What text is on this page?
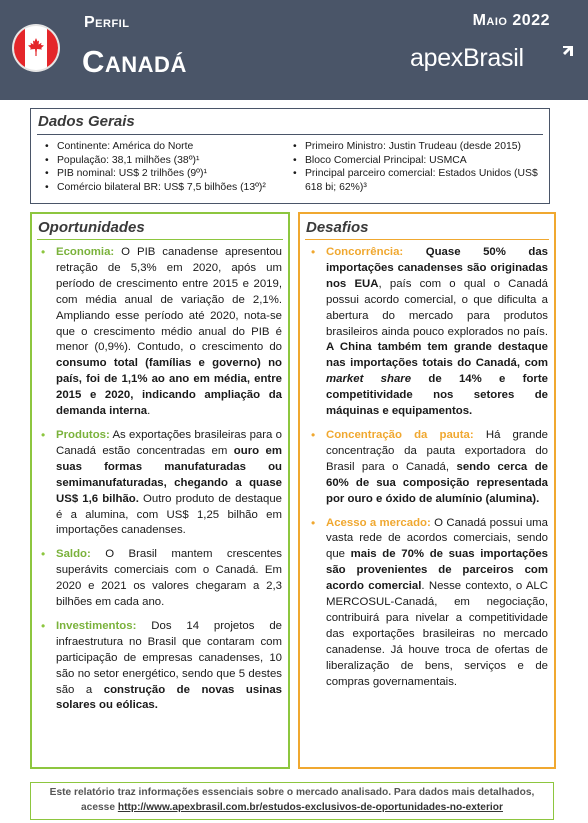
Perfil
Canadá
Maio 2022
apexBrasil
Dados Gerais
• Continente: América do Norte
• População: 38,1 milhões (38º)¹
• PIB nominal: US$ 2 trilhões (9º)¹
• Comércio bilateral BR: US$ 7,5 bilhões (13º)²
• Primeiro Ministro: Justin Trudeau (desde 2015)
• Bloco Comercial Principal: USMCA
• Principal parceiro comercial: Estados Unidos (US$ 618 bi; 62%)³
Oportunidades
• Economia: O PIB canadense apresentou retração de 5,3% em 2020, após um período de crescimento entre 2015 e 2019, com média anual de variação de 2,1%. Ampliando esse período até 2020, nota-se que o crescimento médio anual do PIB é menor (0,9%). Contudo, o crescimento do consumo total (famílias e governo) no país, foi de 1,1% ao ano em média, entre 2015 e 2020, indicando ampliação da demanda interna.
• Produtos: As exportações brasileiras para o Canadá estão concentradas em ouro em suas formas manufaturadas ou semimanufaturadas, chegando a quase US$ 1,6 bilhão. Outro produto de destaque é a alumina, com US$ 1,25 bilhão em importações canadenses.
• Saldo: O Brasil mantem crescentes superávits comerciais com o Canadá. Em 2020 e 2021 os valores chegaram a 2,3 bilhões em cada ano.
• Investimentos: Dos 14 projetos de infraestrutura no Brasil que contaram com participação de empresas canadenses, 10 são no setor energético, sendo que 5 destes são a construção de novas usinas solares ou eólicas.
Desafios
• Concorrência: Quase 50% das importações canadenses são originadas nos EUA, país com o qual o Canadá possui acordo comercial, o que dificulta a abertura do mercado para produtos brasileiros ainda pouco explorados no país. A China também tem grande destaque nas importações totais do Canadá, com market share de 14% e forte competitividade nos setores de máquinas e equipamentos.
• Concentração da pauta: Há grande concentração da pauta exportadora do Brasil para o Canadá, sendo cerca de 60% de sua composição representada por ouro e óxido de alumínio (alumina).
• Acesso a mercado: O Canadá possui uma vasta rede de acordos comerciais, sendo que mais de 70% de suas importações são provenientes de parceiros com acordo comercial. Nesse contexto, o ALC MERCOSUL-Canadá, em negociação, contribuirá para nivelar a competitividade das exportações brasileiras no mercado canadense. Já houve troca de ofertas de liberalização de bens, serviços e de compras governamentais.
Este relatório traz informações essenciais sobre o mercado analisado. Para dados mais detalhados,
acesse http://www.apexbrasil.com.br/estudos-exclusivos-de-oportunidades-no-exterior
